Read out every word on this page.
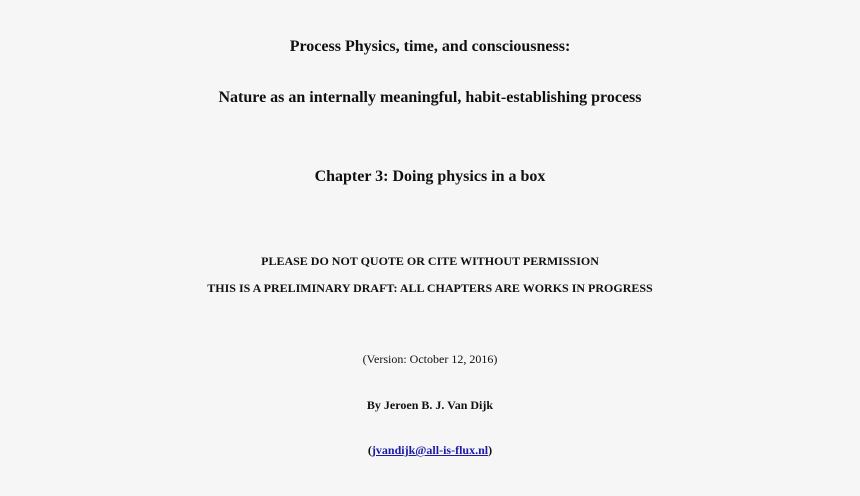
Process Physics, time, and consciousness:
Nature as an internally meaningful, habit-establishing process
Chapter 3: Doing physics in a box
PLEASE DO NOT QUOTE OR CITE WITHOUT PERMISSION
THIS IS A PRELIMINARY DRAFT: ALL CHAPTERS ARE WORKS IN PROGRESS
(Version: October 12, 2016)
By Jeroen B. J. Van Dijk
(jvandijk@all-is-flux.nl)
